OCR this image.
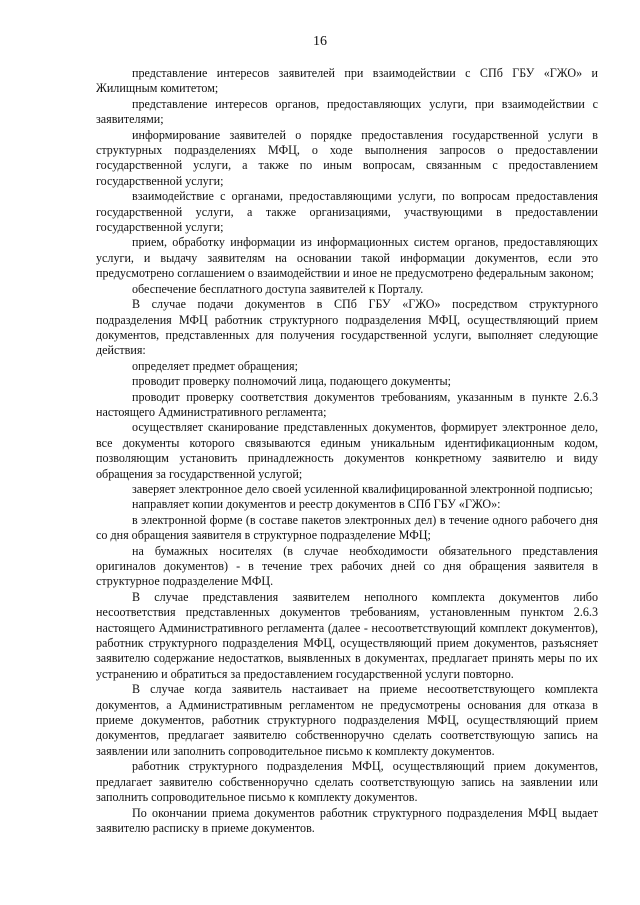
16

представление интересов заявителей при взаимодействии с СПб ГБУ «ГЖО» и Жилищным комитетом;

представление интересов органов, предоставляющих услуги, при взаимодействии с заявителями;

информирование заявителей о порядке предоставления государственной услуги в структурных подразделениях МФЦ, о ходе выполнения запросов о предоставлении государственной услуги, а также по иным вопросам, связанным с предоставлением государственной услуги;

взаимодействие с органами, предоставляющими услуги, по вопросам предоставления государственной услуги, а также организациями, участвующими в предоставлении государственной услуги;

прием, обработку информации из информационных систем органов, предоставляющих услуги, и выдачу заявителям на основании такой информации документов, если это предусмотрено соглашением о взаимодействии и иное не предусмотрено федеральным законом;

обеспечение бесплатного доступа заявителей к Порталу.

В случае подачи документов в СПб ГБУ «ГЖО» посредством структурного подразделения МФЦ работник структурного подразделения МФЦ, осуществляющий прием документов, представленных для получения государственной услуги, выполняет следующие действия:

определяет предмет обращения;

проводит проверку полномочий лица, подающего документы;

проводит проверку соответствия документов требованиям, указанным в пункте 2.6.3 настоящего Административного регламента;

осуществляет сканирование представленных документов, формирует электронное дело, все документы которого связываются единым уникальным идентификационным кодом, позволяющим установить принадлежность документов конкретному заявителю и виду обращения за государственной услугой;

заверяет электронное дело своей усиленной квалифицированной электронной подписью;

направляет копии документов и реестр документов в СПб ГБУ «ГЖО»:

в электронной форме (в составе пакетов электронных дел) в течение одного рабочего дня со дня обращения заявителя в структурное подразделение МФЦ;

на бумажных носителях (в случае необходимости обязательного представления оригиналов документов) - в течение трех рабочих дней со дня обращения заявителя в структурное подразделение МФЦ.

В случае представления заявителем неполного комплекта документов либо несоответствия представленных документов требованиям, установленным пунктом 2.6.3 настоящего Административного регламента (далее - несоответствующий комплект документов), работник структурного подразделения МФЦ, осуществляющий прием документов, разъясняет заявителю содержание недостатков, выявленных в документах, предлагает принять меры по их устранению и обратиться за предоставлением государственной услуги повторно.

В случае когда заявитель настаивает на приеме несоответствующего комплекта документов, а Административным регламентом не предусмотрены основания для отказа в приеме документов, работник структурного подразделения МФЦ, осуществляющий прием документов, предлагает заявителю собственноручно сделать соответствующую запись на заявлении или заполнить сопроводительное письмо к комплекту документов.

работник структурного подразделения МФЦ, осуществляющий прием документов, предлагает заявителю собственноручно сделать соответствующую запись на заявлении или заполнить сопроводительное письмо к комплекту документов.

По окончании приема документов работник структурного подразделения МФЦ выдает заявителю расписку в приеме документов.
